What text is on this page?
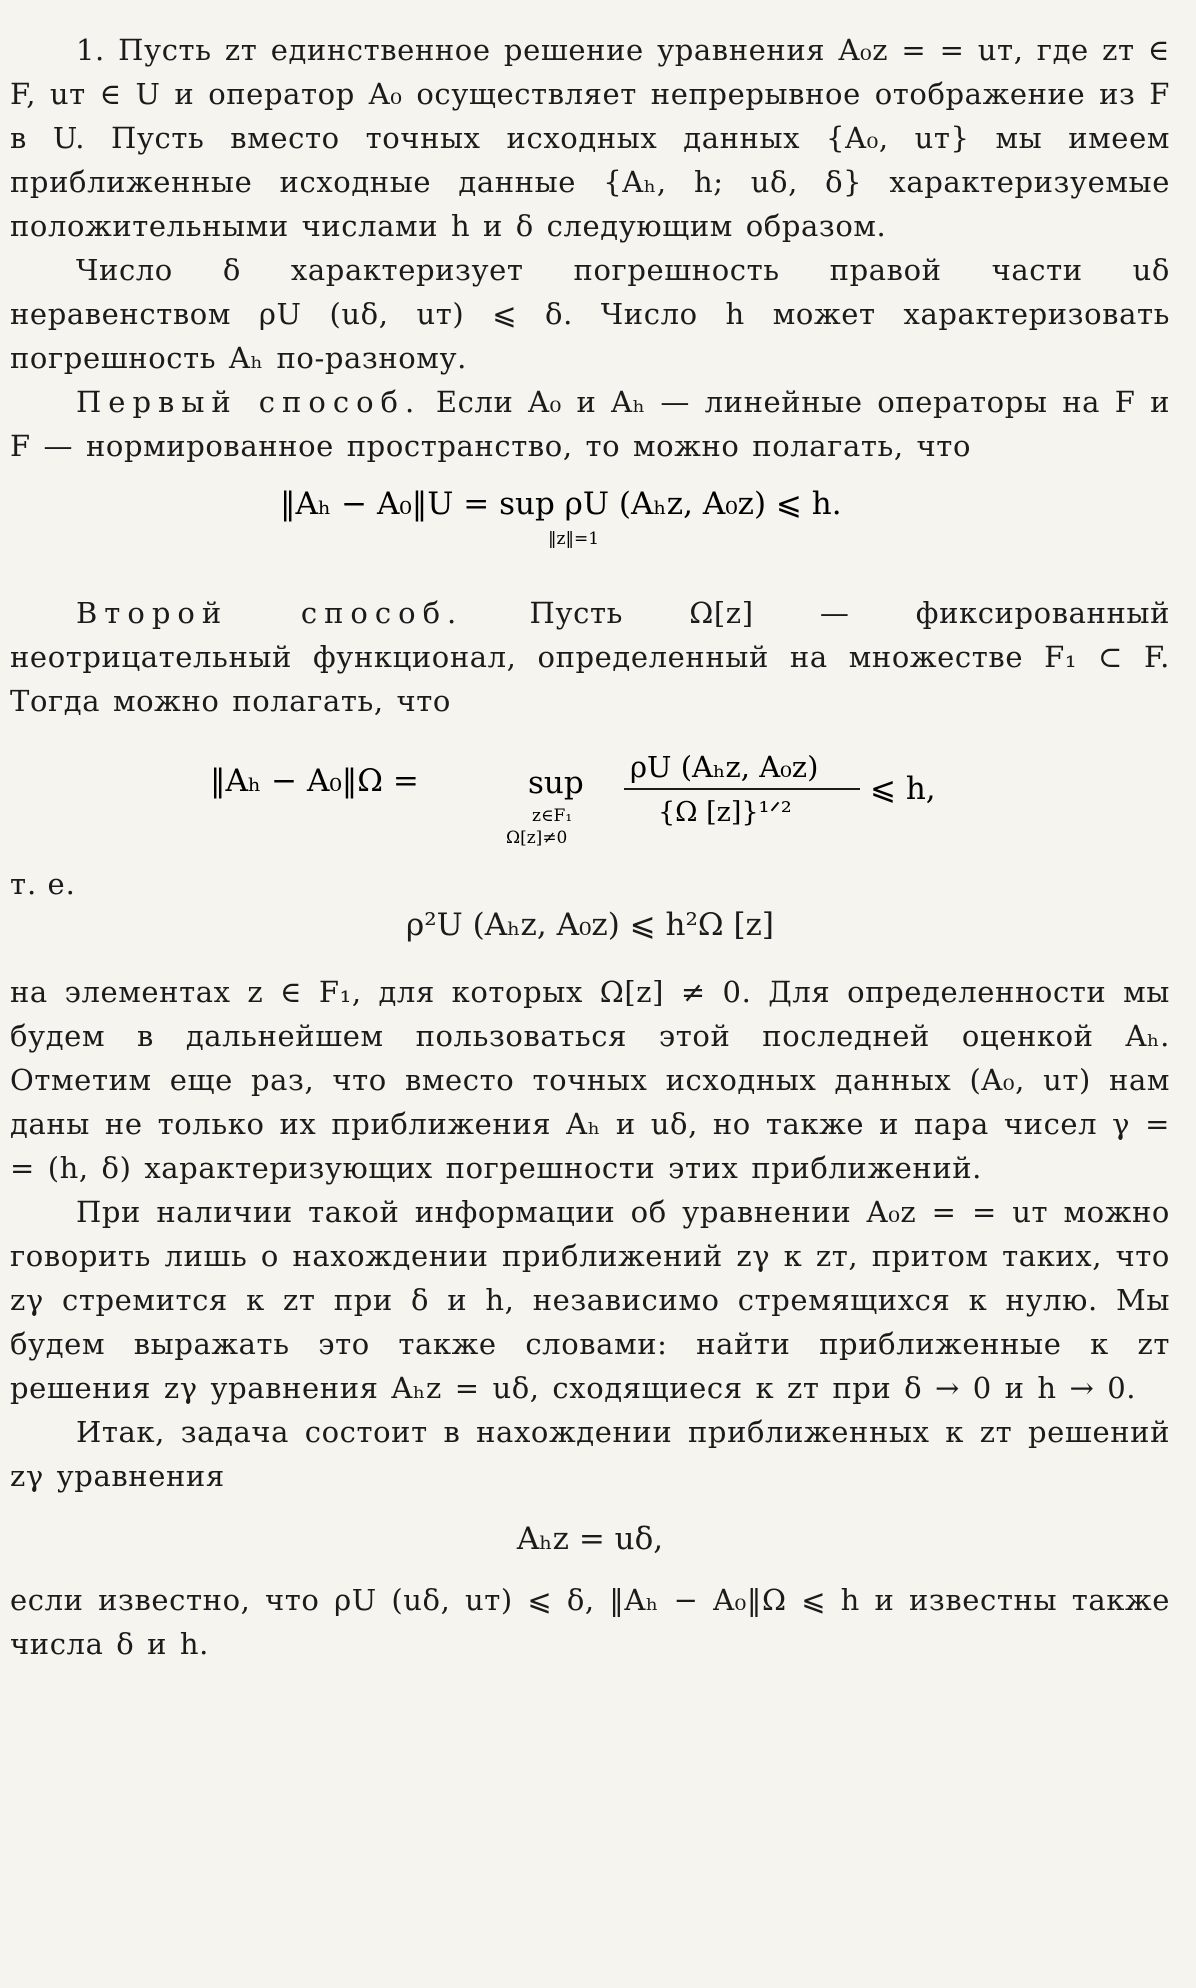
1. Пусть zт единственное решение уравнения A₀z = = uт, где zт ∈ F, uт ∈ U и оператор A₀ осуществляет непрерывное отображение из F в U. Пусть вместо точных исходных данных {A₀, uт} мы имеем приближенные исходные данные {Aₕ, h; uδ, δ} характеризуемые положительными числами h и δ следующим образом.

Число δ характеризует погрешность правой части uδ неравенством ρU (uδ, uт) ⩽ δ. Число h может характеризовать погрешность Aₕ по-разному.

Первый способ. Если A₀ и Aₕ — линейные операторы на F и F — нормированное пространство, то можно полагать, что

‖Aₕ − A₀‖U = sup ρU (Aₕz, A₀z) ⩽ h.
‖z‖=1

Второй способ. Пусть Ω[z] — фиксированный неотрицательный функционал, определенный на множестве F₁ ⊂ F. Тогда можно полагать, что

‖Aₕ − A₀‖Ω =	sup
z∈F₁
Ω[z]≠0
ρU (Aₕz, A₀z)
{Ω [z]}¹ᐟ²
⩽ h,

т. е.

ρ²U (Aₕz, A₀z) ⩽ h²Ω [z]

на элементах z ∈ F₁, для которых Ω[z] ≠ 0. Для определенности мы будем в дальнейшем пользоваться этой последней оценкой Aₕ. Отметим еще раз, что вместо точных исходных данных (A₀, uт) нам даны не только их приближения Aₕ и uδ, но также и пара чисел γ = = (h, δ) характеризующих погрешности этих приближений.

При наличии такой информации об уравнении A₀z = = uт можно говорить лишь о нахождении приближений zγ к zт, притом таких, что zγ стремится к zт при δ и h, независимо стремящихся к нулю. Мы будем выражать это также словами: найти приближенные к zт решения zγ уравнения Aₕz = uδ, сходящиеся к zт при δ → 0 и h → 0.

Итак, задача состоит в нахождении приближенных к zт решений zγ уравнения

Aₕz = uδ,

если известно, что ρU (uδ, uт) ⩽ δ, ‖Aₕ − A₀‖Ω ⩽ h и известны также числа δ и h.
